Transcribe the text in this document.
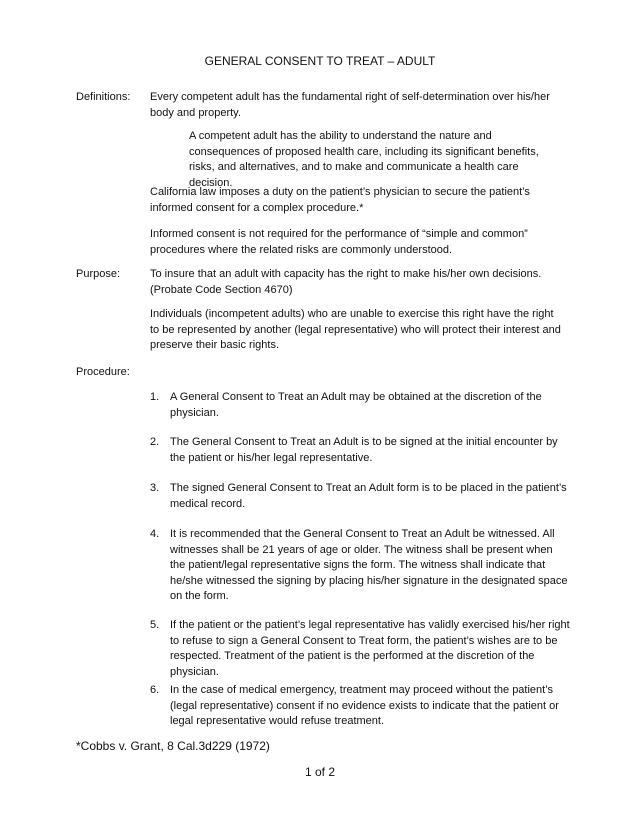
GENERAL CONSENT TO TREAT – ADULT
Definitions: Every competent adult has the fundamental right of self-determination over his/her body and property.

A competent adult has the ability to understand the nature and consequences of proposed health care, including its significant benefits, risks, and alternatives, and to make and communicate a health care decision.

California law imposes a duty on the patient’s physician to secure the patient’s informed consent for a complex procedure.*

Informed consent is not required for the performance of “simple and common” procedures where the related risks are commonly understood.

Purpose:	To insure that an adult with capacity has the right to make his/her own decisions. (Probate Code Section 4670)

Individuals (incompetent adults) who are unable to exercise this right have the right to be represented by another (legal representative) who will protect their interest and preserve their basic rights.

Procedure:
1. A General Consent to Treat an Adult may be obtained at the discretion of the physician.
2. The General Consent to Treat an Adult is to be signed at the initial encounter by the patient or his/her legal representative.
3. The signed General Consent to Treat an Adult form is to be placed in the patient’s medical record.
4. It is recommended that the General Consent to Treat an Adult be witnessed. All witnesses shall be 21 years of age or older. The witness shall be present when the patient/legal representative signs the form. The witness shall indicate that he/she witnessed the signing by placing his/her signature in the designated space on the form.
5. If the patient or the patient’s legal representative has validly exercised his/her right to refuse to sign a General Consent to Treat form, the patient’s wishes are to be respected. Treatment of the patient is the performed at the discretion of the physician.
6. In the case of medical emergency, treatment may proceed without the patient’s (legal representative) consent if no evidence exists to indicate that the patient or legal representative would refuse treatment.
*Cobbs v. Grant, 8 Cal.3d229 (1972)
1 of 2
